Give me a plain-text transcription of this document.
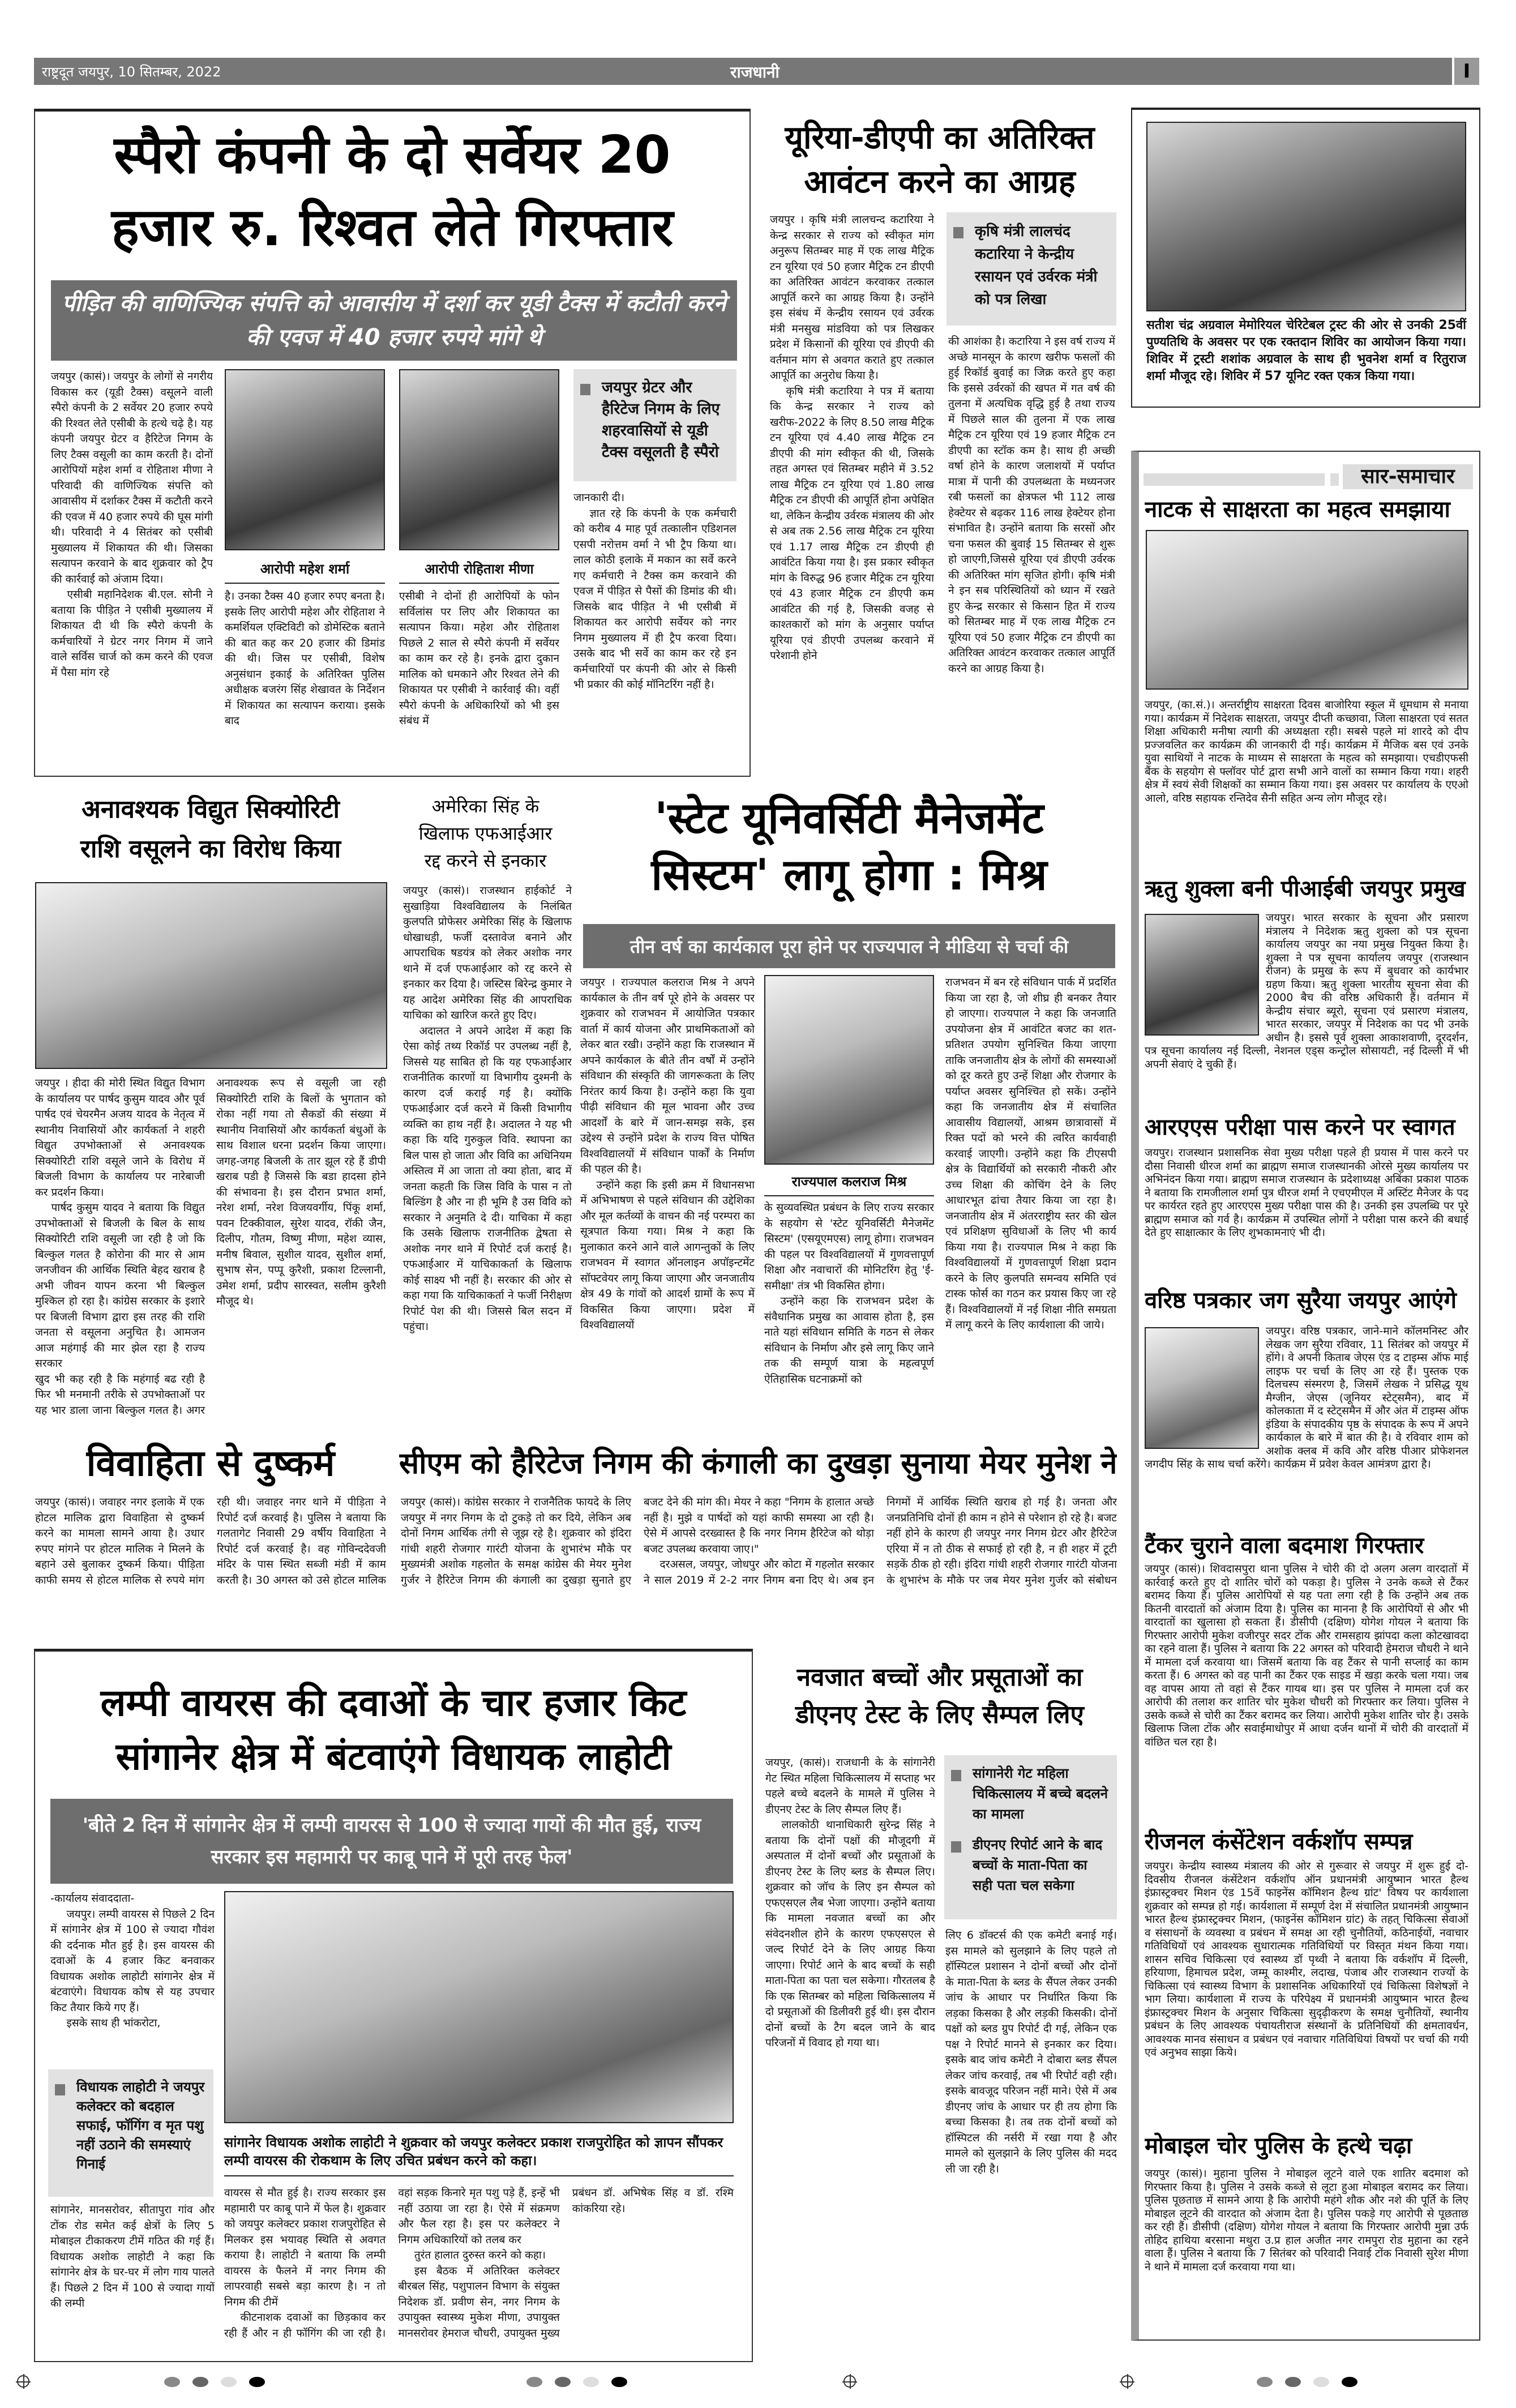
राष्ट्रदूत जयपुर, 10 सितम्बर, 2022	राजधानी	I
स्पैरो कंपनी के दो सर्वेयर 20
हजार रु. रिश्वत लेते गिरफ्तार
पीड़ित की वाणिज्यिक संपत्ति को आवासीय में दर्शा कर यूडी टैक्स में कटौती करने की एवज में 40 हजार रुपये मांगे थे

जयपुर (कासं)। जयपुर के लोगों से नगरीय विकास कर (यूडी टैक्स) वसूलने वाली स्पैरो कंपनी के 2 सर्वेयर 20 हजार रुपये की रिश्वत लेते एसीबी के हत्थे चढ़े है। यह कंपनी जयपुर ग्रेटर व हैरिटेज निगम के लिए टैक्स वसूली का काम करती है। दोनों आरोपियों महेश शर्मा व रोहिताश मीणा ने परिवादी की वाणिज्यिक संपत्ति को आवासीय में दर्शाकर टैक्स में कटौती करने की एवज में 40 हजार रुपये की घूस मांगी थी। परिवादी ने 4 सितंबर को एसीबी मुख्यालय में शिकायत की थी। जिसका सत्यापन करवाने के बाद शुक्रवार को ट्रैप की कार्रवाई को अंजाम दिया।

एसीबी महानिदेशक बी.एल. सोनी ने बताया कि पीड़ित ने एसीबी मुख्यालय में शिकायत दी थी कि स्पैरो कंपनी के कर्मचारियों ने ग्रेटर नगर निगम में जाने वाले सर्विस चार्ज को कम करने की एवज में पैसा मांग रहे

आरोपी महेश शर्मा

है। उनका टैक्स 40 हजार रुपए बनता है। इसके लिए आरोपी महेश और रोहिताश ने कमर्शियल एक्टिविटी को डोमेस्टिक बताने की बात कह कर 20 हजार की डिमांड की थी। जिस पर एसीबी, विशेष अनुसंधान इकाई के अतिरिक्त पुलिस अधीक्षक बजरंग सिंह शेखावत के निर्देशन में शिकायत का सत्यापन कराया। इसके बाद

आरोपी रोहिताश मीणा

एसीबी ने दोनों ही आरोपियों के फोन सर्विलांस पर लिए और शिकायत का सत्यापन किया। महेश और रोहिताश पिछले 2 साल से स्पैरो कंपनी में सर्वेयर का काम कर रहे है। इनके द्वारा दुकान मालिक को धमकाने और रिश्वत लेने की शिकायत पर एसीबी ने कार्रवाई की। वहीं स्पैरो कंपनी के अधिकारियों को भी इस संबंध में

जयपुर ग्रेटर और हैरिटेज निगम के लिए शहरवासियों से यूडी टैक्स वसूलती है स्पैरो

जानकारी दी।

ज्ञात रहे कि कंपनी के एक कर्मचारी को करीब 4 माह पूर्व तत्कालीन एडिशनल एसपी नरोत्तम वर्मा ने भी ट्रैप किया था। लाल कोठी इलाके में मकान का सर्वे करने गए कर्मचारी ने टैक्स कम करवाने की एवज में पीड़ित से पैसों की डिमांड की थी। जिसके बाद पीड़ित ने भी एसीबी में शिकायत कर आरोपी सर्वेयर को नगर निगम मुख्यालय में ही ट्रैप करवा दिया। उसके बाद भी सर्वे का काम कर रहे इन कर्मचारियों पर कंपनी की ओर से किसी भी प्रकार की कोई मॉनिटरिंग नहीं है।

यूरिया-डीएपी का अतिरिक्त
आवंटन करने का आग्रह

जयपुर । कृषि मंत्री लालचन्द कटारिया ने केन्द्र सरकार से राज्य को स्वीकृत मांग अनुरूप सितम्बर माह में एक लाख मैट्रिक टन यूरिया एवं 50 हजार मैट्रिक टन डीएपी का अतिरिक्त आवंटन करवाकर तत्काल आपूर्ति करने का आग्रह किया है। उन्होंने इस संबंध में केन्द्रीय रसायन एवं उर्वरक मंत्री मनसुख मांडविया को पत्र लिखकर प्रदेश में किसानों की यूरिया एवं डीएपी की वर्तमान मांग से अवगत कराते हुए तत्काल आपूर्ति का अनुरोध किया है।

कृषि मंत्री कटारिया ने पत्र में बताया कि केन्द्र सरकार ने राज्य को खरीफ-2022 के लिए 8.50 लाख मैट्रिक टन यूरिया एवं 4.40 लाख मैट्रिक टन डीएपी की मांग स्वीकृत की थी, जिसके तहत अगस्त एवं सितम्बर महीने में 3.52 लाख मैट्रिक टन यूरिया एवं 1.80 लाख मैट्रिक टन डीएपी की आपूर्ति होना अपेक्षित था, लेकिन केन्द्रीय उर्वरक मंत्रालय की ओर से अब तक 2.56 लाख मैट्रिक टन यूरिया एवं 1.17 लाख मैट्रिक टन डीएपी ही आवंटित किया गया है। इस प्रकार स्वीकृत मांग के विरुद्ध 96 हजार मैट्रिक टन यूरिया एवं 43 हजार मैट्रिक टन डीएपी कम आवंटित की गई है, जिसकी वजह से काश्तकारों को मांग के अनुसार पर्याप्त यूरिया एवं डीएपी उपलब्ध करवाने में परेशानी होने

कृषि मंत्री लालचंद कटारिया ने केन्द्रीय रसायन एवं उर्वरक मंत्री को पत्र लिखा

की आशंका है। कटारिया ने इस वर्ष राज्य में अच्छे मानसून के कारण खरीफ फसलों की हुई रिकॉर्ड बुवाई का जिक्र करते हुए कहा कि इससे उर्वरकों की खपत में गत वर्ष की तुलना में अत्यधिक वृद्धि हुई है तथा राज्य में पिछले साल की तुलना में एक लाख मैट्रिक टन यूरिया एवं 19 हजार मैट्रिक टन डीएपी का स्टॉक कम है। साथ ही अच्छी वर्षा होने के कारण जलाशयों में पर्याप्त मात्रा में पानी की उपलब्धता के मध्यनजर रबी फसलों का क्षेत्रफल भी 112 लाख हेक्टेयर से बढ़कर 116 लाख हेक्टेयर होना संभावित है। उन्होंने बताया कि सरसों और चना फसल की बुवाई 15 सितम्बर से शुरू हो जाएगी,जिससे यूरिया एवं डीएपी उर्वरक की अतिरिक्त मांग सृजित होगी। कृषि मंत्री ने इन सब परिस्थितियों को ध्यान में रखते हुए केन्द्र सरकार से किसान हित में राज्य को सितम्बर माह में एक लाख मैट्रिक टन यूरिया एवं 50 हजार मैट्रिक टन डीएपी का अतिरिक्त आवंटन करवाकर तत्काल आपूर्ति करने का आग्रह किया है।

सतीश चंद्र अग्रवाल मेमोरियल चेरिटेबल ट्रस्ट की ओर से उनकी 25वीं पुण्यतिथि के अवसर पर एक रक्तदान शिविर का आयोजन किया गया। शिविर में ट्रस्टी शशांक अग्रवाल के साथ ही भुवनेश शर्मा व रितुराज शर्मा मौजूद रहे। शिविर में 57 यूनिट रक्त एकत्र किया गया।
सार-समाचार
नाटक से साक्षरता का महत्व समझाया
जयपुर, (का.सं.)। अन्तर्राष्ट्रीय साक्षरता दिवस बाजोरिया स्कूल में धूमधाम से मनाया गया। कार्यक्रम में निदेशक साक्षरता, जयपुर दीप्ती कच्छावा, जिला साक्षरता एवं सतत शिक्षा अधिकारी मनीषा त्यागी की अध्यक्षता रही। सबसे पहले मां शारदे को दीप प्रज्जवलित कर कार्यक्रम की जानकारी दी गई। कार्यक्रम में मैजिक बस एवं उनके युवा साथियों ने नाटक के माध्यम से साक्षरता के महत्व को समझाया। एचडीएफसी बैंक के सहयोग से फ्लॉवर पोर्ट द्वारा सभी आने वालों का सम्मान किया गया। शहरी क्षेत्र में स्वयं सेवी शिक्षकों का सम्मान किया गया। इस अवसर पर कार्यालय के एएओ आलो, वरिष्ठ सहायक रन्तिदेव सैनी सहित अन्य लोग मौजूद रहे।
ऋतु शुक्ला बनी पीआईबी जयपुर प्रमुख
जयपुर। भारत सरकार के सूचना और प्रसारण मंत्रालय ने निदेशक ऋतु शुक्ला को पत्र सूचना कार्यालय जयपुर का नया प्रमुख नियुक्त किया है। शुक्ला ने पत्र सूचना कार्यालय जयपुर (राजस्थान रीजन) के प्रमुख के रूप में बुधवार को कार्यभार ग्रहण किया। ऋतु शुक्ला भारतीय सूचना सेवा की 2000 बैच की वरिष्ठ अधिकारी हैं। वर्तमान में केन्द्रीय संचार ब्यूरो, सूचना एवं प्रसारण मंत्रालय, भारत सरकार, जयपुर में निदेशक का पद भी उनके अधीन है। इससे पूर्व शुक्ला आकाशवाणी, दूरदर्शन, पत्र सूचना कार्यालय नई दिल्ली, नेशनल एड्स कन्ट्रोल सोसायटी, नई दिल्ली में भी अपनी सेवाएं दे चुकी हैं।
आरएएस परीक्षा पास करने पर स्वागत
जयपुर। राजस्थान प्रशासनिक सेवा मुख्य परीक्षा पहले ही प्रयास में पास करने पर दौसा निवासी धीरज शर्मा का ब्राह्मण समाज राजस्थानकी ओरसे मुख्य कार्यालय पर अभिनंदन किया गया। ब्राह्मण समाज राजस्थान के प्रदेशाध्यक्ष अबिंका प्रकाश पाठक ने बताया कि रामजीलाल शर्मा पुत्र धीरज शर्मा ने एचएमीएल में अस्टिंट मैनेजर के पद पर कार्यरत रहते हुए आरएएस मुख्य परीक्षा पास की है। उनकी इस उपलब्धि पर पूरे ब्राह्मण समाज को गर्व है। कार्यक्रम में उपस्थित लोगों ने परीक्षा पास करने की बधाई देते हुए साक्षात्कार के लिए शुभकामनाएं भी दी।
वरिष्ठ पत्रकार जग सुरैया जयपुर आएंगे
जयपुर। वरिष्ठ पत्रकार, जाने-माने कॉलमनिस्ट और लेखक जग सुरैया रविवार, 11 सितंबर को जयपुर में होंगे। वे अपनी किताब जेएस एंड द टाइम्स ऑफ माई लाइफ पर चर्चा के लिए आ रहे हैं। पुस्तक एक दिलचस्प संस्मरण है, जिसमें लेखक ने प्रसिद्ध यूथ मैग्जीन, जेएस (जूनियर स्टेट्समैन), बाद में कोलकाता में द स्टेट्समैन में और अंत में टाइम्स ऑफ इंडिया के संपादकीय पृष्ठ के संपादक के रूप में अपने कार्यकाल के बारे में बात की है। वे रविवार शाम को अशोक क्लब में कवि और वरिष्ठ पीआर प्रोफेशनल जगदीप सिंह के साथ चर्चा करेंगे। कार्यक्रम में प्रवेश केवल आमंत्रण द्वारा है।
टैंकर चुराने वाला बदमाश गिरफ्तार
जयपुर (कासं)। शिवदासपुरा थाना पुलिस ने चोरी की दो अलग अलग वारदातों में कार्रवाई करते हुए दो शातिर चोरों को पकड़ा है। पुलिस ने उनके कब्जे से टैंकर बरामद किया हैं। पुलिस आरोपियों से यह पता लगा रही है कि उन्होंने अब तक कितनी वारदातों को अंजाम दिया है। पुलिस का मानना है कि आरोपियों से और भी वारदातों का खुलासा हो सकता हैं। डीसीपी (दक्षिण) योगेश गोयल ने बताया कि गिरफ्तार आरोपी मुकेश वजीरपुर सदर टोंक और रामसहाय झांपदा कला कोटखावदा का रहने वाला हैं। पुलिस ने बताया कि 22 अगस्त को परिवादी हेमराज चौधरी ने थाने में मामला दर्ज करवाया था। जिसमें बताया कि वह टैंकर से पानी सप्लाई का काम करता हैं। 6 अगस्त को वह पानी का टैंकर एक साइड में खड़ा करके चला गया। जब वह वापस आया तो वहां से टैंकर गायब था। इस पर पुलिस ने मामला दर्ज कर आरोपी की तलाश कर शातिर चोर मुकेश चौधरी को गिरफ्तार कर लिया। पुलिस ने उसके कब्जे से चोरी का टैंकर बरामद कर लिया। आरोपी मुकेश शातिर चोर है। उसके खिलाफ जिला टोंक और सवाईमाधोपुर में आधा दर्जन थानों में चोरी की वारदातों में वांछित चल रहा है।
रीजनल कंसेंटेशन वर्कशॉप सम्पन्न
जयपुर। केन्द्रीय स्वास्थ्य मंत्रालय की ओर से गुरूवार से जयपुर में शुरू हुई दो-दिवसीय रीजनल कंसेंटेशन वर्कशॉप ऑन प्रधानमंत्री आयुष्मान भारत हैल्थ इंफ्रास्ट्रक्चर मिशन एंड 15वें फाइनेंस कॉमिशन हैल्थ ग्रांट' विषय पर कार्यशाला शुक्रवार को सम्पन्न हो गई। कार्यशाला में सम्पूर्ण देश में संचालित प्रधानमंत्री आयुष्मान भारत हैल्थ इंफ्रास्ट्रक्चर मिशन, (फाइनेंस कॉमिशन ग्रांट) के तहत् चिकित्सा सेवाओं व संसाधनों के व्यवस्था व प्रबंधन में समक्ष आ रही चुनौतियों, कठिनाईयों, नवाचार गतिविधियों एवं आवश्यक सुधारात्मक गतिविधियों पर विस्तृत मंथन किया गया। शासन सचिव चिकित्सा एवं स्वास्थ्य डॉ पृथ्वी ने बताया कि वर्कशॉप में दिल्ली, हरियाणा, हिमाचल प्रदेश, जम्मू काश्मीर, लदाख, पंजाब और राजस्थान राज्यों के चिकित्सा एवं स्वास्थ्य विभाग के प्रशासनिक अधिकारियों एवं चिकित्सा विशेषज्ञों ने भाग लिया। कार्यशाला में राज्य के परिपेक्ष्य में प्रधानमंत्री आयुष्मान भारत हैल्थ इंफ्रास्ट्रक्चर मिशन के अनुसार चिकित्सा सुदृढ़ीकरण के समक्ष चुनौतियों, स्थानीय प्रबंधन के लिए आवश्यक पंचायतीराज संस्थानों के प्रतिनिधियों की क्षमतावर्धन, आवश्यक मानव संसाधन व प्रबंधन एवं नवाचार गतिविधियां विषयों पर चर्चा की गयी एवं अनुभव साझा किये।
मोबाइल चोर पुलिस के हत्थे चढ़ा
जयपुर (कासं)। मुहाना पुलिस ने मोबाइल लूटने वाले एक शातिर बदमाश को गिरफ्तार किया है। पुलिस ने उसके कब्जे से लूटा हुआ मोबाइल बरामद कर लिया। पुलिस पूछताछ में सामने आया है कि आरोपी महंगे शौक और नशे की पूर्ति के लिए मोबाइल लूटने की वारदात को अंजाम देता है। पुलिस पकड़े गए आरोपी से पूछताछ कर रही हैं। डीसीपी (दक्षिण) योगेश गोयल ने बताया कि गिरफ्तार आरोपी मुन्ना उर्फ तोहिद हाथिया बरसाना मथुरा उ.प्र हाल अजीत नगर रामपुरा रोड मुहाना का रहने वाला हैं। पुलिस ने बताया कि 7 सितंबर को परिवादी निवाई टोंक निवासी सुरेश मीणा ने थाने में मामला दर्ज करवाया गया था।
अनावश्यक विद्युत सिक्योरिटी
राशि वसूलने का विरोध किया

जयपुर । हीदा की मोरी स्थित विद्युत विभाग के कार्यालय पर पार्षद कुसुम यादव और पूर्व पार्षद एवं चेयरमैन अजय यादव के नेतृत्व में स्थानीय निवासियों और कार्यकर्ता ने शहरी विद्युत उपभोक्ताओं से अनावश्यक सिक्योरिटी राशि वसूले जाने के विरोध में बिजली विभाग के कार्यालय पर नारेबाजी कर प्रदर्शन किया।

पार्षद कुसुम यादव ने बताया कि विद्युत उपभोक्ताओं से बिजली के बिल के साथ सिक्योरिटी राशि वसूली जा रही है जो कि बिल्कुल गलत है कोरोना की मार से आम जनजीवन की आर्थिक स्थिति बेहद खराब है अभी जीवन यापन करना भी बिल्कुल मुश्किल हो रहा है। कांग्रेस सरकार के इशारे पर बिजली विभाग द्वारा इस तरह की राशि जनता से वसूलना अनुचित है। आमजन आज महंगाई की मार झेल रहा है राज्य सरकार

खुद भी कह रही है कि महंगाई बढ रही है फिर भी मनमानी तरीके से उपभोक्ताओं पर यह भार डाला जाना बिल्कुल गलत है। अगर अनावश्यक रूप से वसूली जा रही सिक्योरिटी राशि के बिलों के भुगतान को रोका नहीं गया तो सैकडों की संख्या में स्थानीय निवासियों और कार्यकर्ता बंधुओं के साथ विशाल धरना प्रदर्शन किया जाएगा। जगह-जगह बिजली के तार झूल रहे हैं डीपी खराब पडी है जिससे कि बडा हादसा होने की संभावना है। इस दौरान प्रभात शर्मा, नरेश शर्मा, नरेश विजयवर्गीय, पिंकू शर्मा, पवन टिक्कीवाल, सुरेश यादव, रॉकी जैन, दिलीप, गौतम, विष्णु मीणा, महेश व्यास, मनीष बिवाल, सुशील यादव, सुशील शर्मा, सुभाष सेन, पप्पू कुरैशी, प्रकाश टिल्लानी, उमेश शर्मा, प्रदीप सारस्वत, सलीम कुरैशी मौजूद थे।

अमेरिका सिंह के
खिलाफ एफआईआर
रद्द करने से इनकार

जयपुर (कासं)। राजस्थान हाईकोर्ट ने सुखाड़िया विश्वविद्यालय के निलंबित कुलपति प्रोफेसर अमेरिका सिंह के खिलाफ धोखाधड़ी, फर्जी दस्तावेज बनाने और आपराधिक षडयंत्र को लेकर अशोक नगर थाने में दर्ज एफआईआर को रद्द करने से इनकार कर दिया है। जस्टिस बिरेन्द्र कुमार ने यह आदेश अमेरिका सिंह की आपराधिक याचिका को खारिज करते हुए दिए।

अदालत ने अपने आदेश में कहा कि ऐसा कोई तथ्य रिकॉर्ड पर उपलब्ध नहीं है, जिससे यह साबित हो कि यह एफआईआर राजनीतिक कारणों या विभागीय दुश्मनी के कारण दर्ज कराई गई है। क्योंकि एफआईआर दर्ज करने में किसी विभागीय व्यक्ति का हाथ नहीं है। अदालत ने यह भी कहा कि यदि गुरुकुल विवि. स्थापना का बिल पास हो जाता और विवि का अधिनियम अस्तित्व में आ जाता तो क्या होता, बाद में जनता कहती कि जिस विवि के पास न तो बिल्डिंग है और ना ही भूमि है उस विवि को सरकार ने अनुमति दे दी। याचिका में कहा कि उसके खिलाफ राजनीतिक द्वेषता से अशोक नगर थाने में रिपोर्ट दर्ज कराई है। एफआईआर में याचिकाकर्ता के खिलाफ कोई साक्ष्य भी नहीं है। सरकार की ओर से कहा गया कि याचिकाकर्ता ने फर्जी निरीक्षण रिपोर्ट पेश की थी। जिससे बिल सदन में पहुंचा।

'स्टेट यूनिवर्सिटी मैनेजमेंट
सिस्टम' लागू होगा : मिश्र
तीन वर्ष का कार्यकाल पूरा होने पर राज्यपाल ने मीडिया से चर्चा की

जयपुर । राज्यपाल कलराज मिश्र ने अपने कार्यकाल के तीन वर्ष पूरे होने के अवसर पर शुक्रवार को राजभवन में आयोजित पत्रकार वार्ता में कार्य योजना और प्राथमिकताओं को लेकर बात रखी। उन्होंने कहा कि राजस्थान में अपने कार्यकाल के बीते तीन वर्षों में उन्होंने संविधान की संस्कृति की जागरूकता के लिए निरंतर कार्य किया है। उन्होंने कहा कि युवा पीढ़ी संविधान की मूल भावना और उच्च आदर्शों के बारे में जान-समझ सके, इस उद्देश्य से उन्होंने प्रदेश के राज्य वित्त पोषित विश्वविद्यालयों में संविधान पार्कों के निर्माण की पहल की है।

उन्होंने कहा कि इसी क्रम में विधानसभा में अभिभाषण से पहले संविधान की उद्देशिका और मूल कर्तव्यों के वाचन की नई परम्परा का सूत्रपात किया गया। मिश्र ने कहा कि मुलाकात करने आने वाले आगन्तुकों के लिए राजभवन में स्वागत ऑनलाइन अपॉइन्टमेंट सॉफ्टवेयर लागू किया जाएगा और जनजातीय क्षेत्र 49 के गांवों को आदर्श ग्रामों के रूप में विकसित किया जाएगा। प्रदेश में विश्वविद्यालयों

राज्यपाल कलराज मिश्र

के सुव्यवस्थित प्रबंधन के लिए राज्य सरकार के सहयोग से 'स्टेट यूनिवर्सिटी मैनेजमेंट सिस्टम' (एसयूएमएस) लागू होगा। राजभवन की पहल पर विश्वविद्यालयों में गुणवत्तापूर्ण शिक्षा और नवाचारों की मोनिटरिंग हेतु 'ई-समीक्षा' तंत्र भी विकसित होगा।

उन्होंने कहा कि राजभवन प्रदेश के संवैधानिक प्रमुख का आवास होता है, इस नाते यहां संविधान समिति के गठन से लेकर संविधान के निर्माण और इसे लागू किए जाने तक की सम्पूर्ण यात्रा के महत्वपूर्ण ऐतिहासिक घटनाक्रमों को

राजभवन में बन रहे संविधान पार्क में प्रदर्शित किया जा रहा है, जो शीघ्र ही बनकर तैयार हो जाएगा। राज्यपाल ने कहा कि जनजाति उपयोजना क्षेत्र में आवंटित बजट का शत-प्रतिशत उपयोग सुनिश्चित किया जाएगा ताकि जनजातीय क्षेत्र के लोगों की समस्याओं को दूर करते हुए उन्हें शिक्षा और रोजगार के पर्याप्त अवसर सुनिश्चित हो सकें। उन्होंने कहा कि जनजातीय क्षेत्र में संचालित आवासीय विद्यालयों, आश्रम छात्रावासों में रिक्त पदों को भरने की त्वरित कार्यवाही करवाई जाएगी। उन्होंने कहा कि टीएसपी क्षेत्र के विद्यार्थियों को सरकारी नौकरी और उच्च शिक्षा की कोचिंग देने के लिए आधारभूत ढांचा तैयार किया जा रहा है। जनजातीय क्षेत्र में अंतरराष्ट्रीय स्तर की खेल एवं प्रशिक्षण सुविधाओं के लिए भी कार्य किया गया है। राज्यपाल मिश्र ने कहा कि विश्वविद्यालयों में गुणवत्तापूर्ण शिक्षा प्रदान करने के लिए कुलपति समन्वय समिति एवं टास्क फोर्स का गठन कर प्रयास किए जा रहे हैं। विश्वविद्यालयों में नई शिक्षा नीति समग्रता में लागू करने के लिए कार्यशाला की जाये।

विवाहिता से दुष्कर्म

जयपुर (कासं)। जवाहर नगर इलाके में एक होटल मालिक द्वारा विवाहिता से दुष्कर्म करने का मामला सामने आया है। उधार रुपए मांगने पर होटल मालिक ने मिलने के बहाने उसे बुलाकर दुष्कर्म किया। पीड़िता काफी समय से होटल मालिक से रुपये मांग रही थी। जवाहर नगर थाने में पीड़िता ने रिपोर्ट दर्ज करवाई है। पुलिस ने बताया कि गलतागेट निवासी 29 वर्षीय विवाहिता ने रिपोर्ट दर्ज करवाई है। वह गोविन्ददेवजी मंदिर के पास स्थित सब्जी मंडी में काम करती है। 30 अगस्त को उसे होटल मालिक

सीएम को हैरिटेज निगम की कंगाली का दुखड़ा सुनाया मेयर मुनेश ने

जयपुर (कासं)। कांग्रेस सरकार ने राजनैतिक फायदे के लिए जयपुर में नगर निगम के दो टुकड़े तो कर दिये, लेकिन अब दोनों निगम आर्थिक तंगी से जूझ रहे है। शुक्रवार को इंदिरा गांधी शहरी रोजगार गारंटी योजना के शुभारंभ मौके पर मुख्यमंत्री अशोक गहलोत के समक्ष कांग्रेस की मेयर मुनेश गुर्जर ने हैरिटेज निगम की कंगाली का दुखड़ा सुनाते हुए बजट देने की मांग की। मेयर ने कहा "निगम के हालात अच्छे नहीं है। मुझे व पार्षदों को यहां काफी समस्या आ रही है। ऐसे में आपसे दरख्वास्त है कि नगर निगम हैरिटेज को थोड़ा बजट उपलब्ध करवाया जाए।"

दरअसल, जयपुर, जोधपुर और कोटा में गहलोत सरकार ने साल 2019 में 2-2 नगर निगम बना दिए थे। अब इन निगमों में आर्थिक स्थिति खराब हो गई है। जनता और जनप्रतिनिधि दोनों ही काम न होने से परेशान हो रहे है। बजट नहीं होने के कारण ही जयपुर नगर निगम ग्रेटर और हैरिटेज एरिया में न तो ठीक से सफाई हो रही है, न ही शहर में टूटी सड़कें ठीक हो रही। इंदिरा गांधी शहरी रोजगार गारंटी योजना के शुभारंभ के मौके पर जब मेयर मुनेश गुर्जर को संबोधन

लम्पी वायरस की दवाओं के चार हजार किट
सांगानेर क्षेत्र में बंटवाएंगे विधायक लाहोटी
'बीते 2 दिन में सांगानेर क्षेत्र में लम्पी वायरस से 100 से ज्यादा गायों की मौत हुई, राज्य सरकार इस महामारी पर काबू पाने में पूरी तरह फेल'

-कार्यालय संवाददाता-

जयपुर। लम्पी वायरस से पिछले 2 दिन में सांगानेर क्षेत्र में 100 से ज्यादा गौवंश की दर्दनाक मौत हुई है। इस वायरस की दवाओं के 4 हजार किट बनवाकर विधायक अशोक लाहोटी सांगानेर क्षेत्र में बंटवाएंगे। विधायक कोष से यह उपचार किट तैयार किये गए हैं।

इसके साथ ही भांकरोटा,

विधायक लाहोटी ने जयपुर कलेक्टर को बदहाल सफाई, फॉगिंग व मृत पशु नहीं उठाने की समस्याएं गिनाई

सांगानेर, मानसरोवर, सीतापुरा गांव और टोंक रोड समेत कई क्षेत्रों के लिए 5 मोबाइल टीकाकरण टीमें गठित की गई हैं। विधायक अशोक लाहोटी ने कहा कि सांगानेर क्षेत्र के घर-घर में लोग गाय पालते हैं। पिछले 2 दिन में 100 से ज्यादा गायों की लम्पी

सांगानेर विधायक अशोक लाहोटी ने शुक्रवार को जयपुर कलेक्टर प्रकाश राजपुरोहित को ज्ञापन सौंपकर लम्पी वायरस की रोकथाम के लिए उचित प्रबंधन करने को कहा।

वायरस से मौत हुई है। राज्य सरकार इस महामारी पर काबू पाने में फेल है। शुक्रवार को जयपुर कलेक्टर प्रकाश राजपुरोहित से मिलकर इस भयावह स्थिति से अवगत कराया है। लाहोटी ने बताया कि लम्पी वायरस के फैलने में नगर निगम की लापरवाही सबसे बड़ा कारण है। न तो निगम की टीमें

कीटनाशक दवाओं का छिड़काव कर रही हैं और न ही फॉगिंग की जा रही है। वहां सड़क किनारे मृत पशु पड़े हैं, इन्हें भी नहीं उठाया जा रहा है। ऐसे में संक्रमण और फैल रहा है। इस पर कलेक्टर ने निगम अधिकारियों को तलब कर

तुरंत हालात दुरुस्त करने को कहा।

इस बैठक में अतिरिक्त कलेक्टर बीरबल सिंह, पशुपालन विभाग के संयुक्त निदेशक डॉ. प्रवीण सेन, नगर निगम के उपायुक्त स्वास्थ्य मुकेश मीणा, उपायुक्त मानसरोवर हेमराज चौधरी, उपायुक्त मुख्य प्रबंधन डॉ. अभिषेक सिंह व डॉ. रश्मि कांकरिया रहे।

नवजात बच्चों और प्रसूताओं का
डीएनए टेस्ट के लिए सैम्पल लिए

जयपुर, (कासं)। राजधानी के के सांगानेरी गेट स्थित महिला चिकित्सालय में सप्ताह भर पहले बच्चे बदलने के मामले में पुलिस ने डीएनए टेस्ट के लिए सैम्पल लिए हैं।

लालकोठी थानाधिकारी सुरेन्द्र सिंह ने बताया कि दोनों पक्षों की मौजूदगी में अस्पताल में दोनों बच्चों और प्रसूताओं के डीएनए टेस्ट के लिए ब्लड के सैम्पल लिए। शुक्रवार को जॉच के लिए इन सैम्पल को एफएसएल लैब भेजा जाएगा। उन्होंने बताया कि मामला नवजात बच्चों का और संवेदनशील होने के कारण एफएसएल से जल्द रिपोर्ट देने के लिए आग्रह किया जाएगा। रिपोर्ट आने के बाद बच्चों के सही माता-पिता का पता चल सकेगा। गौरतलब है कि एक सितम्बर को महिला चिकित्सालय में दो प्रसूताओं की डिलीवरी हुई थी। इस दौरान दोनों बच्चों के टैग बदल जाने के बाद परिजनों में विवाद हो गया था।

सांगानेरी गेट महिला चिकित्सालय में बच्चे बदलने का मामला
डीएनए रिपोर्ट आने के बाद बच्चों के माता-पिता का सही पता चल सकेगा

लिए 6 डॉक्टर्स की एक कमेटी बनाई गई। इस मामले को सुलझाने के लिए पहले तो हॉस्पिटल प्रशासन ने दोनों बच्चों और दोनों के माता-पिता के ब्लड के सैंपल लेकर उनकी जांच के आधार पर निर्धारित किया कि लड़का किसका है और लड़की किसकी। दोनों पक्षों को ब्लड ग्रुप रिपोर्ट दी गई, लेकिन एक पक्ष ने रिपोर्ट मानने से इनकार कर दिया। इसके बाद जांच कमेटी ने दोबारा ब्लड सैंपल लेकर जांच करवाई, तब भी रिपोर्ट वही रही। इसके बावजूद परिजन नहीं माने। ऐसे में अब डीएनए जांच के आधार पर ही तय होगा कि बच्चा किसका है। तब तक दोनों बच्चों को हॉस्पिटल की नर्सरी में रखा गया है और मामले को सुलझाने के लिए पुलिस की मदद ली जा रही है।
